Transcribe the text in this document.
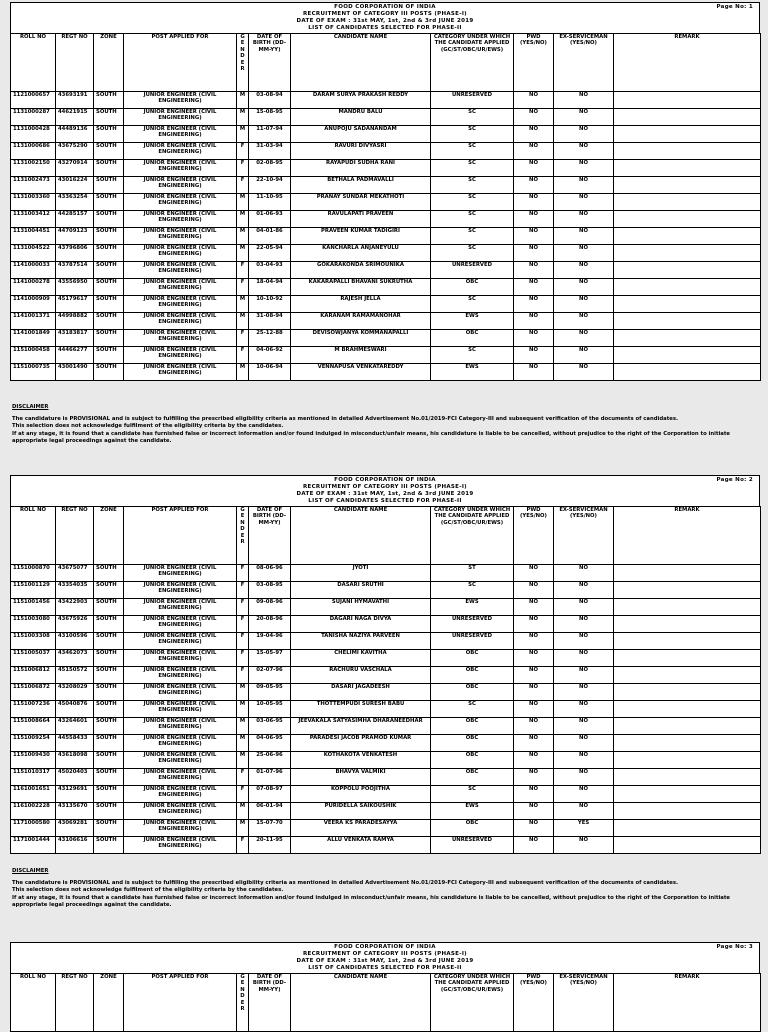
FOOD CORPORATION OF INDIA
RECRUITMENT OF CATEGORY III POSTS (PHASE-I)
DATE OF EXAM : 31st MAY, 1st, 2nd & 3rd JUNE 2019
LIST OF CANDIDATES SELECTED FOR PHASE-II
Page No: 1
ROLL NO	REGT NO	ZONE	POST APPLIED FOR	G E N D E R	DATE OF BIRTH (DD-MM-YY)	CANDIDATE NAME	CATEGORY UNDER WHICH THE CANDIDATE APPLIED (GC/ST/OBC/UR/EWS)	PWD (YES/NO)	EX-SERVICEMAN (YES/NO)	REMARK
1121000657	43693191	SOUTH	JUNIOR ENGINEER (CIVIL ENGINEERING)	M	03-08-94	DARAM SURYA PRAKASH REDDY	UNRESERVED	NO	NO	
1131000287	44621915	SOUTH	JUNIOR ENGINEER (CIVIL ENGINEERING)	M	15-08-95	MANDRU BALU	SC	NO	NO	
1131000428	44489136	SOUTH	JUNIOR ENGINEER (CIVIL ENGINEERING)	M	11-07-94	ANUPOJU SADANANDAM	SC	NO	NO	
1131000686	43675290	SOUTH	JUNIOR ENGINEER (CIVIL ENGINEERING)	F	31-03-94	RAVURI DIVYASRI	SC	NO	NO	
1131002150	43270914	SOUTH	JUNIOR ENGINEER (CIVIL ENGINEERING)	F	02-08-95	RAYAPUDI SUDHA RANI	SC	NO	NO	
1131002473	43016224	SOUTH	JUNIOR ENGINEER (CIVIL ENGINEERING)	F	22-10-94	BETHALA PADMAVALLI	SC	NO	NO	
1131003360	43363254	SOUTH	JUNIOR ENGINEER (CIVIL ENGINEERING)	M	11-10-95	PRANAY SUNDAR MEKATHOTI	SC	NO	NO	
1131003412	44285157	SOUTH	JUNIOR ENGINEER (CIVIL ENGINEERING)	M	01-06-93	RAVULAPATI PRAVEEN	SC	NO	NO	
1131004451	44709123	SOUTH	JUNIOR ENGINEER (CIVIL ENGINEERING)	M	04-01-86	PRAVEEN KUMAR TADIGIRI	SC	NO	NO	
1131004522	43796806	SOUTH	JUNIOR ENGINEER (CIVIL ENGINEERING)	M	22-05-94	KANCHARLA ANJANEYULU	SC	NO	NO	
1141000033	43787514	SOUTH	JUNIOR ENGINEER (CIVIL ENGINEERING)	F	03-04-93	GOKARAKONDA SRIMOUNIKA	UNRESERVED	NO	NO	
1141000278	43556950	SOUTH	JUNIOR ENGINEER (CIVIL ENGINEERING)	F	18-04-94	KAKARAPALLI BHAVANI SUKRUTHA	OBC	NO	NO	
1141000909	45179617	SOUTH	JUNIOR ENGINEER (CIVIL ENGINEERING)	M	10-10-92	RAJESH JELLA	SC	NO	NO	
1141001371	44998882	SOUTH	JUNIOR ENGINEER (CIVIL ENGINEERING)	M	31-08-94	KARANAM RAMAMANOHAR	EWS	NO	NO	
1141001849	43183817	SOUTH	JUNIOR ENGINEER (CIVIL ENGINEERING)	F	25-12-88	DEVISOWJANYA KOMMANAPALLI	OBC	NO	NO	
1151000458	44466277	SOUTH	JUNIOR ENGINEER (CIVIL ENGINEERING)	F	04-06-92	M BRAHMESWARI	SC	NO	NO	
1151000735	43001490	SOUTH	JUNIOR ENGINEER (CIVIL ENGINEERING)	M	10-06-94	VENNAPUSA VENKATAREDDY	EWS	NO	NO	
FOOD CORPORATION OF INDIA
RECRUITMENT OF CATEGORY III POSTS (PHASE-I)
DATE OF EXAM : 31st MAY, 1st, 2nd & 3rd JUNE 2019
LIST OF CANDIDATES SELECTED FOR PHASE-II
Page No: 2
ROLL NO	REGT NO	ZONE	POST APPLIED FOR	G E N D E R	DATE OF BIRTH (DD-MM-YY)	CANDIDATE NAME	CATEGORY UNDER WHICH THE CANDIDATE APPLIED (GC/ST/OBC/UR/EWS)	PWD (YES/NO)	EX-SERVICEMAN (YES/NO)	REMARK
1151000870	43675077	SOUTH	JUNIOR ENGINEER (CIVIL ENGINEERING)	F	08-06-96	JYOTI	ST	NO	NO	
1151001129	43354035	SOUTH	JUNIOR ENGINEER (CIVIL ENGINEERING)	F	03-08-95	DASARI SRUTHI	SC	NO	NO	
1151001456	43422903	SOUTH	JUNIOR ENGINEER (CIVIL ENGINEERING)	F	09-08-96	SUJANI HYMAVATHI	EWS	NO	NO	
1151003080	43675926	SOUTH	JUNIOR ENGINEER (CIVIL ENGINEERING)	F	20-08-96	DAGARI NAGA DIVYA	UNRESERVED	NO	NO	
1151003308	43100596	SOUTH	JUNIOR ENGINEER (CIVIL ENGINEERING)	F	19-04-96	TANISHA NAZIYA PARVEEN	UNRESERVED	NO	NO	
1151005037	43462073	SOUTH	JUNIOR ENGINEER (CIVIL ENGINEERING)	F	15-05-97	CHELIMI KAVITHA	OBC	NO	NO	
1151006812	45150572	SOUTH	JUNIOR ENGINEER (CIVIL ENGINEERING)	F	02-07-96	RACHURU VASCHALA	OBC	NO	NO	
1151006872	43208029	SOUTH	JUNIOR ENGINEER (CIVIL ENGINEERING)	M	09-05-95	DASARI JAGADEESH	OBC	NO	NO	
1151007236	45040876	SOUTH	JUNIOR ENGINEER (CIVIL ENGINEERING)	M	10-05-95	THOTTEMPUDI SURESH BABU	SC	NO	NO	
1151008664	43264601	SOUTH	JUNIOR ENGINEER (CIVIL ENGINEERING)	M	03-06-95	JEEVAKALA SATYASIMHA DHARANEEDHAR	OBC	NO	NO	
1151009254	44558433	SOUTH	JUNIOR ENGINEER (CIVIL ENGINEERING)	M	04-06-95	PARADESI JACOB PRAMOD KUMAR	OBC	NO	NO	
1151009430	43618098	SOUTH	JUNIOR ENGINEER (CIVIL ENGINEERING)	M	25-06-96	KOTHAKOTA VENKATESH	OBC	NO	NO	
1151010317	45020403	SOUTH	JUNIOR ENGINEER (CIVIL ENGINEERING)	F	01-07-96	BHAVYA VALMIKI	OBC	NO	NO	
1161001651	43129691	SOUTH	JUNIOR ENGINEER (CIVIL ENGINEERING)	F	07-08-97	KOPPOLU POOJITHA	SC	NO	NO	
1161002228	43135670	SOUTH	JUNIOR ENGINEER (CIVIL ENGINEERING)	M	06-01-94	PURIDELLA SAIKOUSHIK	EWS	NO	NO	
1171000580	43069281	SOUTH	JUNIOR ENGINEER (CIVIL ENGINEERING)	M	15-07-70	VEERA KS PARADESAYYA	OBC	NO	YES	
1171001444	43106616	SOUTH	JUNIOR ENGINEER (CIVIL ENGINEERING)	F	20-11-95	ALLU VENKATA RAMYA	UNRESERVED	NO	NO	
FOOD CORPORATION OF INDIA
RECRUITMENT OF CATEGORY III POSTS (PHASE-I)
DATE OF EXAM : 31st MAY, 1st, 2nd & 3rd JUNE 2019
LIST OF CANDIDATES SELECTED FOR PHASE-II
Page No: 3
ROLL NO	REGT NO	ZONE	POST APPLIED FOR	G E N D E R	DATE OF BIRTH (DD-MM-YY)	CANDIDATE NAME	CATEGORY UNDER WHICH THE CANDIDATE APPLIED (GC/ST/OBC/UR/EWS)	PWD (YES/NO)	EX-SERVICEMAN (YES/NO)	REMARK
DISCLAIMER

The candidature is PROVISIONAL and is subject to fulfilling the prescribed eligibility criteria as mentioned in detailed Advertisement No.01/2019-FCI Category-III and subsequent verification of the documents of candidates.

This selection does not acknowledge fulfilment of the eligibility criteria by the candidates.

If at any stage, it is found that a candidate has furnished false or incorrect information and/or found indulged in misconduct/unfair means, his candidature is liable to be cancelled, without prejudice to the right of the Corporation to initiate appropriate legal proceedings against the candidate.

DISCLAIMER

The candidature is PROVISIONAL and is subject to fulfilling the prescribed eligibility criteria as mentioned in detailed Advertisement No.01/2019-FCI Category-III and subsequent verification of the documents of candidates.

This selection does not acknowledge fulfilment of the eligibility criteria by the candidates.

If at any stage, it is found that a candidate has furnished false or incorrect information and/or found indulged in misconduct/unfair means, his candidature is liable to be cancelled, without prejudice to the right of the Corporation to initiate appropriate legal proceedings against the candidate.
